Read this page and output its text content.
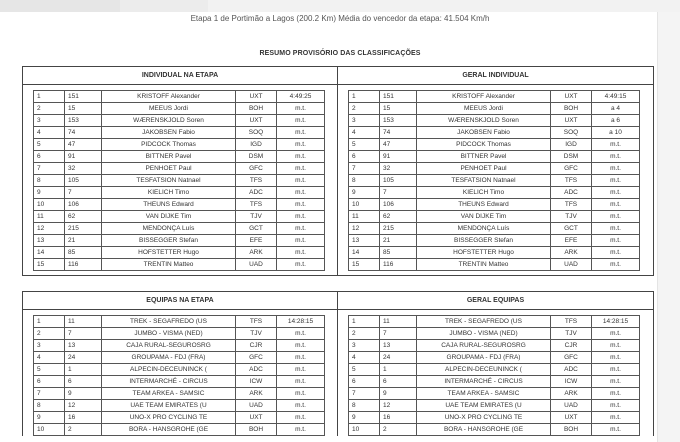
Etapa 1 de Portimão a Lagos (200.2 Km) Média do vencedor da etapa: 41.504 Km/h
RESUMO PROVISÓRIO DAS CLASSIFICAÇÕES
INDIVIDUAL NA ETAPA
1	151	KRISTOFF Alexander	UXT	4:49:25
2	15	MEEUS Jordi	BOH	m.t.
3	153	WÆRENSKJOLD Soren	UXT	m.t.
4	74	JAKOBSEN Fabio	SOQ	m.t.
5	47	PIDCOCK Thomas	IGD	m.t.
6	91	BITTNER Pavel	DSM	m.t.
7	32	PENHOET Paul	GFC	m.t.
8	105	TESFATSION Natnael	TFS	m.t.
9	7	KIELICH Timo	ADC	m.t.
10	106	THEUNS Edward	TFS	m.t.
11	62	VAN DIJKE Tim	TJV	m.t.
12	215	MENDONÇA Luís	GCT	m.t.
13	21	BISSEGGER Stefan	EFE	m.t.
14	85	HOFSTETTER Hugo	ARK	m.t.
15	116	TRENTIN Matteo	UAD	m.t.
GERAL INDIVIDUAL
1	151	KRISTOFF Alexander	UXT	4:49:15
2	15	MEEUS Jordi	BOH	a 4
3	153	WÆRENSKJOLD Soren	UXT	a 6
4	74	JAKOBSEN Fabio	SOQ	a 10
5	47	PIDCOCK Thomas	IGD	m.t.
6	91	BITTNER Pavel	DSM	m.t.
7	32	PENHOET Paul	GFC	m.t.
8	105	TESFATSION Natnael	TFS	m.t.
9	7	KIELICH Timo	ADC	m.t.
10	106	THEUNS Edward	TFS	m.t.
11	62	VAN DIJKE Tim	TJV	m.t.
12	215	MENDONÇA Luís	GCT	m.t.
13	21	BISSEGGER Stefan	EFE	m.t.
14	85	HOFSTETTER Hugo	ARK	m.t.
15	116	TRENTIN Matteo	UAD	m.t.
EQUIPAS NA ETAPA
1	11	TREK - SEGAFREDO (US	TFS	14:28:15
2	7	JUMBO - VISMA (NED)	TJV	m.t.
3	13	CAJA RURAL-SEGUROSRG	CJR	m.t.
4	24	GROUPAMA - FDJ (FRA)	GFC	m.t.
5	1	ALPECIN-DECEUNINCK (	ADC	m.t.
6	6	INTERMARCHÉ - CIRCUS	ICW	m.t.
7	9	TEAM ARKEA - SAMSIC	ARK	m.t.
8	12	UAE TEAM EMIRATES (U	UAD	m.t.
9	16	UNO-X PRO CYCLING TE	UXT	m.t.
10	2	BORA - HANSGROHE (GE	BOH	m.t.
GERAL EQUIPAS
1	11	TREK - SEGAFREDO (US	TFS	14:28:15
2	7	JUMBO - VISMA (NED)	TJV	m.t.
3	13	CAJA RURAL-SEGUROSRG	CJR	m.t.
4	24	GROUPAMA - FDJ (FRA)	GFC	m.t.
5	1	ALPECIN-DECEUNINCK (	ADC	m.t.
6	6	INTERMARCHÉ - CIRCUS	ICW	m.t.
7	9	TEAM ARKEA - SAMSIC	ARK	m.t.
8	12	UAE TEAM EMIRATES (U	UAD	m.t.
9	16	UNO-X PRO CYCLING TE	UXT	m.t.
10	2	BORA - HANSGROHE (GE	BOH	m.t.
